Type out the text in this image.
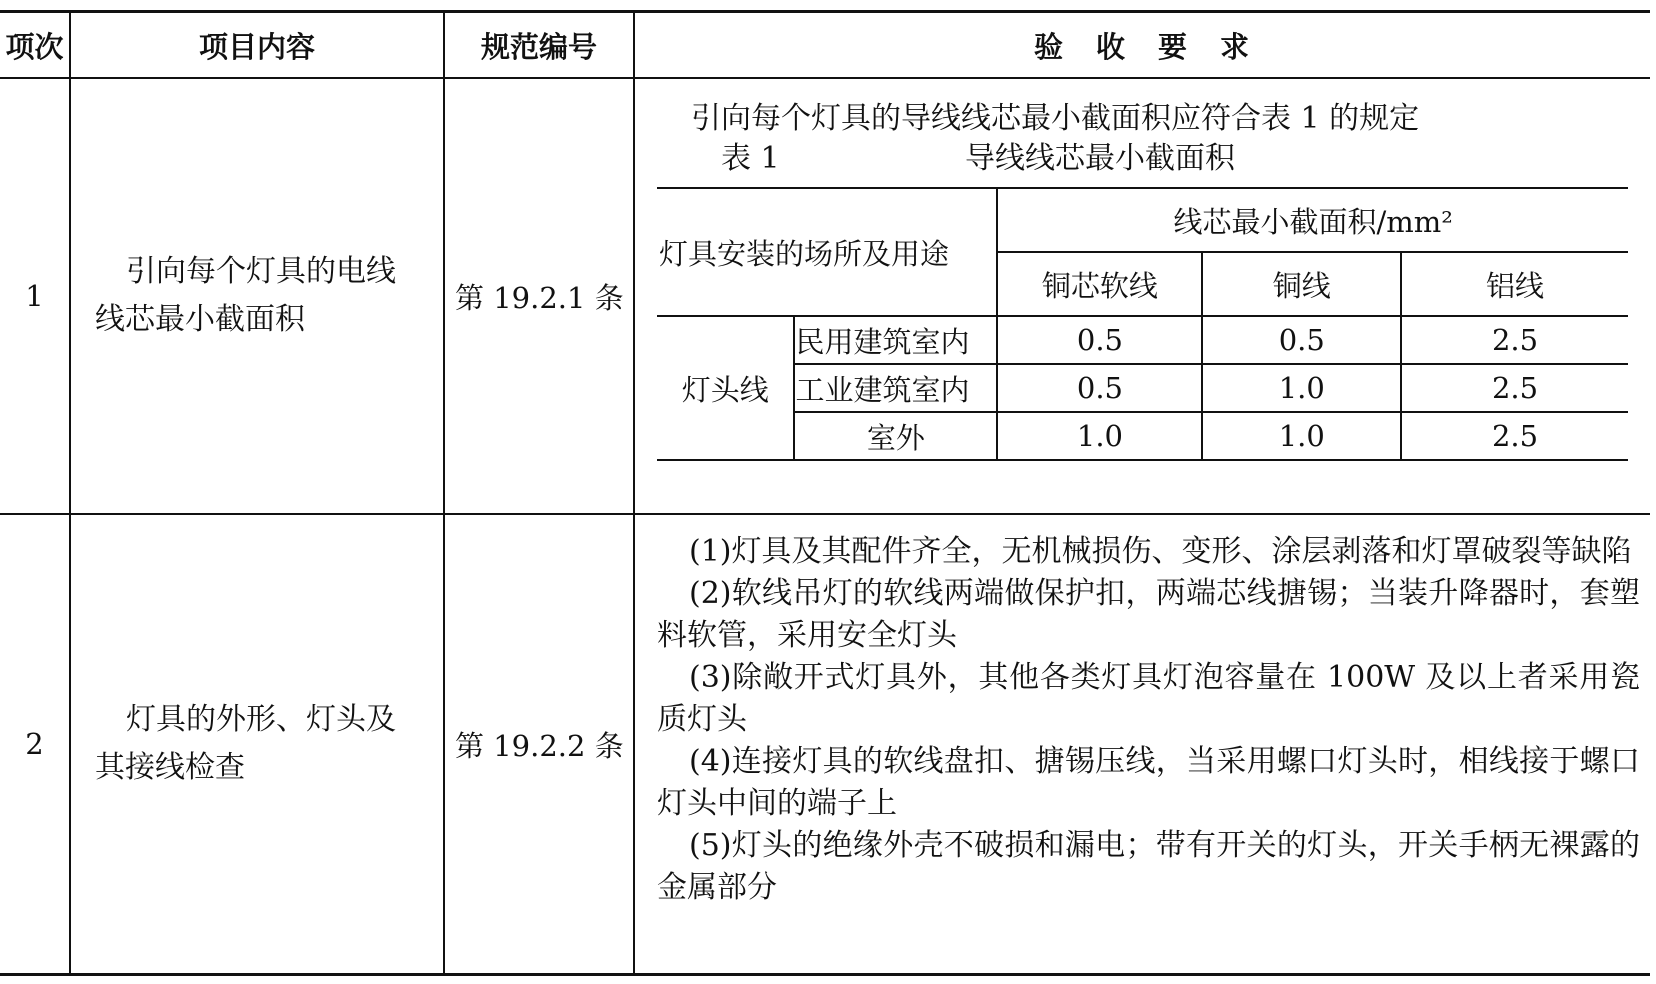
项次	项目内容	规范编号	验　收　要　求
1	引向每个灯具的电线线芯最小截面积	第 19.2.1 条	
引向每个灯具的导线线芯最小截面积应符合表 1 的规定
表 1	导线线芯最小截面积
灯具安装的场所及用途	线芯最小截面积/mm²
铜芯软线	铜线	铝线
灯头线	民用建筑室内	0.5	0.5	2.5
工业建筑室内	0.5	1.0	2.5
室外	1.0	1.0	2.5

2	灯具的外形、灯头及其接线检查	第 19.2.2 条	
(1)灯具及其配件齐全，无机械损伤、变形、涂层剥落和灯罩破裂等缺陷
(2)软线吊灯的软线两端做保护扣，两端芯线搪锡；当装升降器时，套塑料软管，采用安全灯头
(3)除敞开式灯具外，其他各类灯具灯泡容量在 100W 及以上者采用瓷质灯头
(4)连接灯具的软线盘扣、搪锡压线，当采用螺口灯头时，相线接于螺口灯头中间的端子上
(5)灯头的绝缘外壳不破损和漏电；带有开关的灯头，开关手柄无裸露的金属部分
